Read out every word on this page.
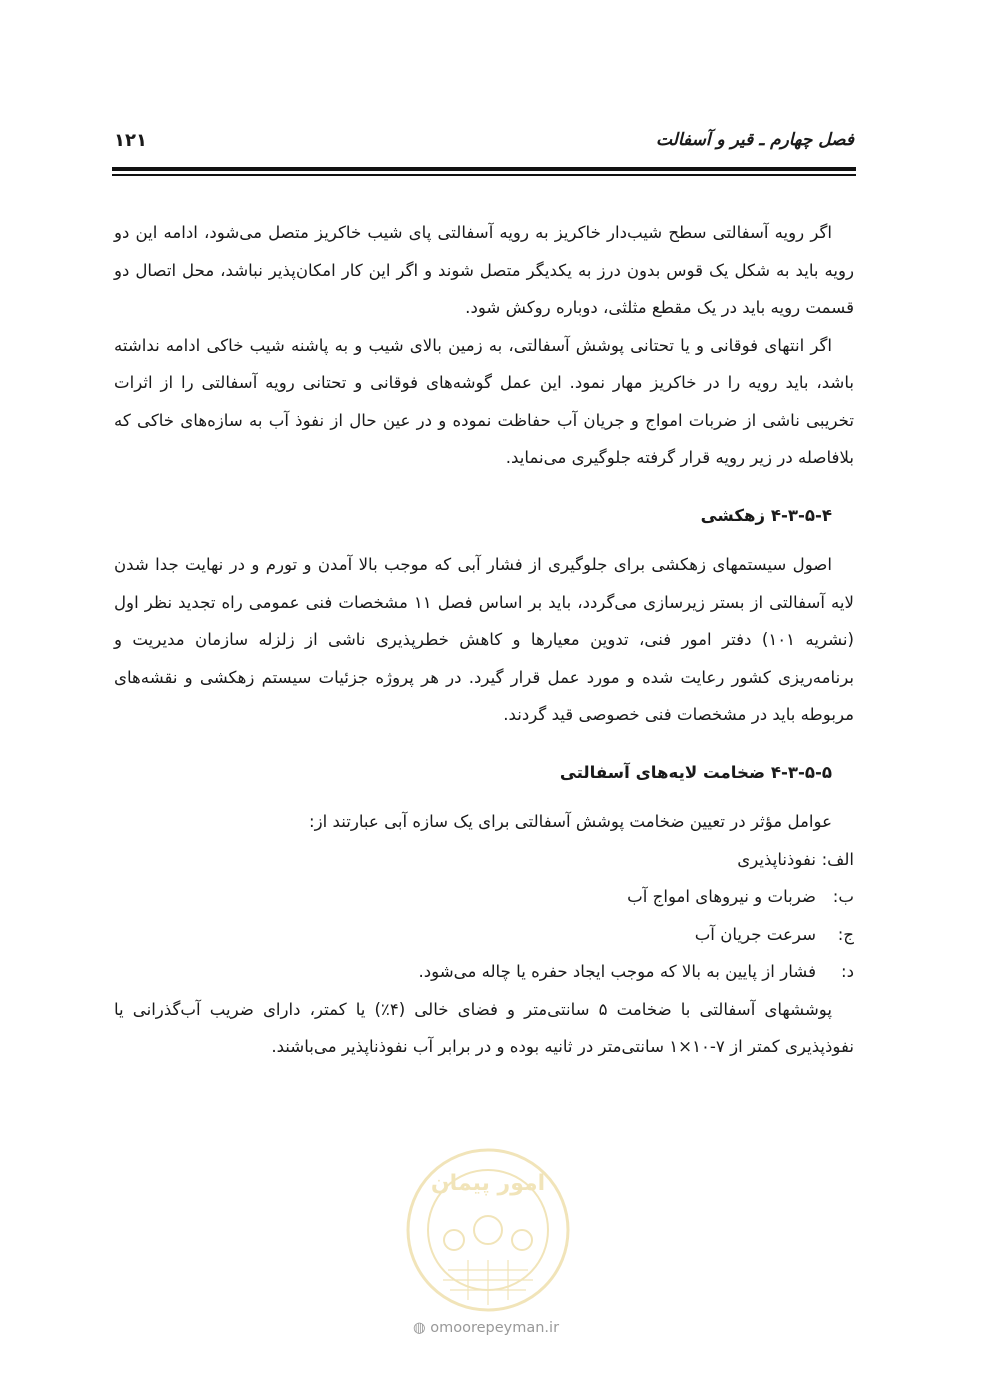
فصل چهارم ـ قیر و آسفالت
۱۲۱

اگر رویه آسفالتی سطح شیب‌دار خاکریز به رویه آسفالتی پای شیب خاکریز متصل می‌شود، ادامه این دو رویه باید به شکل یک قوس بدون درز به یکدیگر متصل شوند و اگر این کار امکان‌پذیر نباشد، محل اتصال دو قسمت رویه باید در یک مقطع مثلثی، دوباره روکش شود.

اگر انتهای فوقانی و یا تحتانی پوشش آسفالتی، به زمین بالای شیب و به پاشنه شیب خاکی ادامه نداشته باشد، باید رویه را در خاکریز مهار نمود. این عمل گوشه‌های فوقانی و تحتانی رویه آسفالتی را از اثرات تخریبی ناشی از ضربات امواج و جریان آب حفاظت نموده و در عین حال از نفوذ آب به سازه‌های خاکی که بلافاصله در زیر رویه قرار گرفته جلوگیری می‌نماید.

۴-۳-۵-۴ زهکشی

اصول سیستمهای زهکشی برای جلوگیری از فشار آبی که موجب بالا آمدن و تورم و در نهایت جدا شدن لایه آسفالتی از بستر زیرسازی می‌گردد، باید بر اساس فصل ۱۱ مشخصات فنی عمومی راه تجدید نظر اول (نشریه ۱۰۱) دفتر امور فنی، تدوین معیارها و کاهش خطرپذیری ناشی از زلزله سازمان مدیریت و برنامه‌ریزی کشور رعایت شده و مورد عمل قرار گیرد. در هر پروژه جزئیات سیستم زهکشی و نقشه‌های مربوطه باید در مشخصات فنی خصوصی قید گردند.

۴-۳-۵-۵ ضخامت لایه‌های آسفالتی

عوامل مؤثر در تعیین ضخامت پوشش آسفالتی برای یک سازه آبی عبارتند از:

الف:
نفوذناپذیری

ب:
ضربات و نیروهای امواج آب

ج:
سرعت جریان آب

د:
فشار از پایین به بالا که موجب ایجاد حفره یا چاله می‌شود.

پوششهای آسفالتی با ضخامت ۵ سانتی‌متر و فضای خالی (۴٪) یا کمتر، دارای ضریب آب‌گذرانی یا نفوذپذیری کمتر از ۷-۱۰×۱ سانتی‌متر در ثانیه بوده و در برابر آب نفوذناپذیر می‌باشند.

امور پیمان
◍ omoorepeyman.ir
